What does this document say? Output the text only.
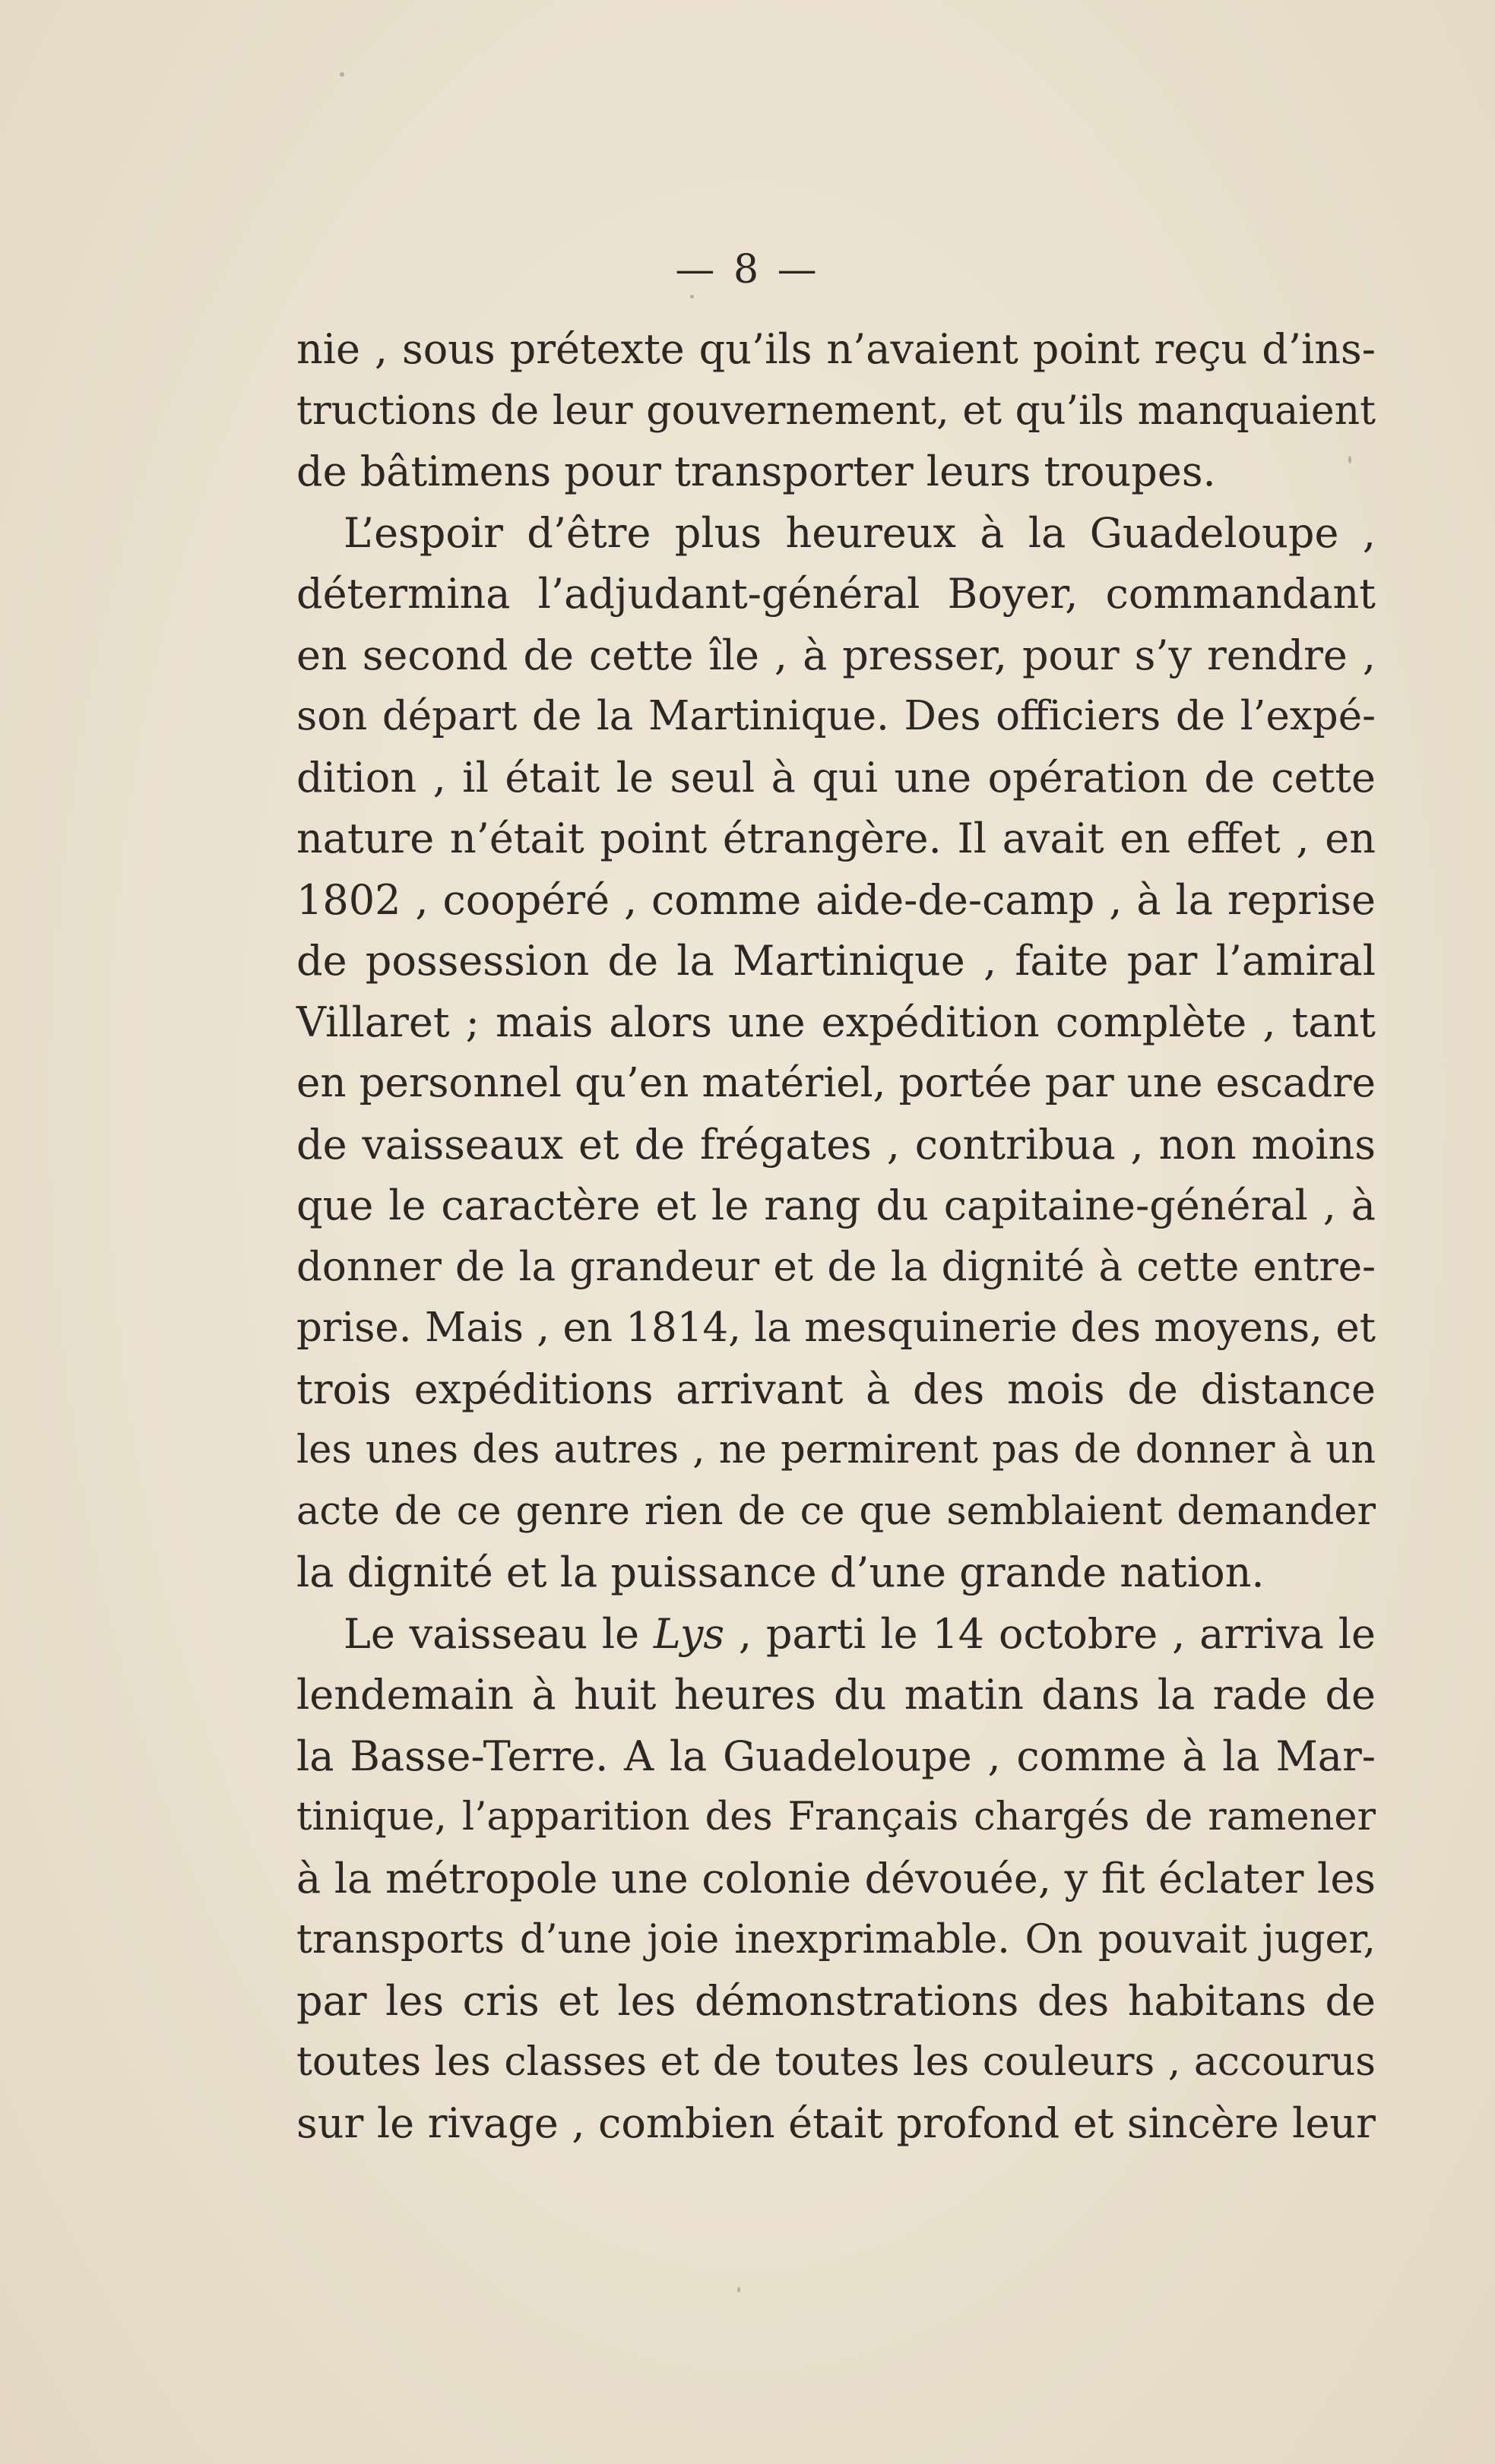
— 8 —
nie , sous prétexte qu’ils n’avaient point reçu d’ins-
tructions de leur gouvernement, et qu’ils manquaient
de bâtimens pour transporter leurs troupes.
L’espoir d’être plus heureux à la Guadeloupe ,
détermina l’adjudant-général Boyer, commandant
en second de cette île , à presser, pour s’y rendre ,
son départ de la Martinique. Des officiers de l’expé-
dition , il était le seul à qui une opération de cette
nature n’était point étrangère. Il avait en effet , en
1802 , coopéré , comme aide-de-camp , à la reprise
de possession de la Martinique , faite par l’amiral
Villaret ; mais alors une expédition complète , tant
en personnel qu’en matériel, portée par une escadre
de vaisseaux et de frégates , contribua , non moins
que le caractère et le rang du capitaine-général , à
donner de la grandeur et de la dignité à cette entre-
prise. Mais , en 1814, la mesquinerie des moyens, et
trois expéditions arrivant à des mois de distance
les unes des autres , ne permirent pas de donner à un
acte de ce genre rien de ce que semblaient demander
la dignité et la puissance d’une grande nation.
Le vaisseau le Lys , parti le 14 octobre , arriva le
lendemain à huit heures du matin dans la rade de
la Basse-Terre. A la Guadeloupe , comme à la Mar-
tinique, l’apparition des Français chargés de ramener
à la métropole une colonie dévouée, y fit éclater les
transports d’une joie inexprimable. On pouvait juger,
par les cris et les démonstrations des habitans de
toutes les classes et de toutes les couleurs , accourus
sur le rivage , combien était profond et sincère leur
